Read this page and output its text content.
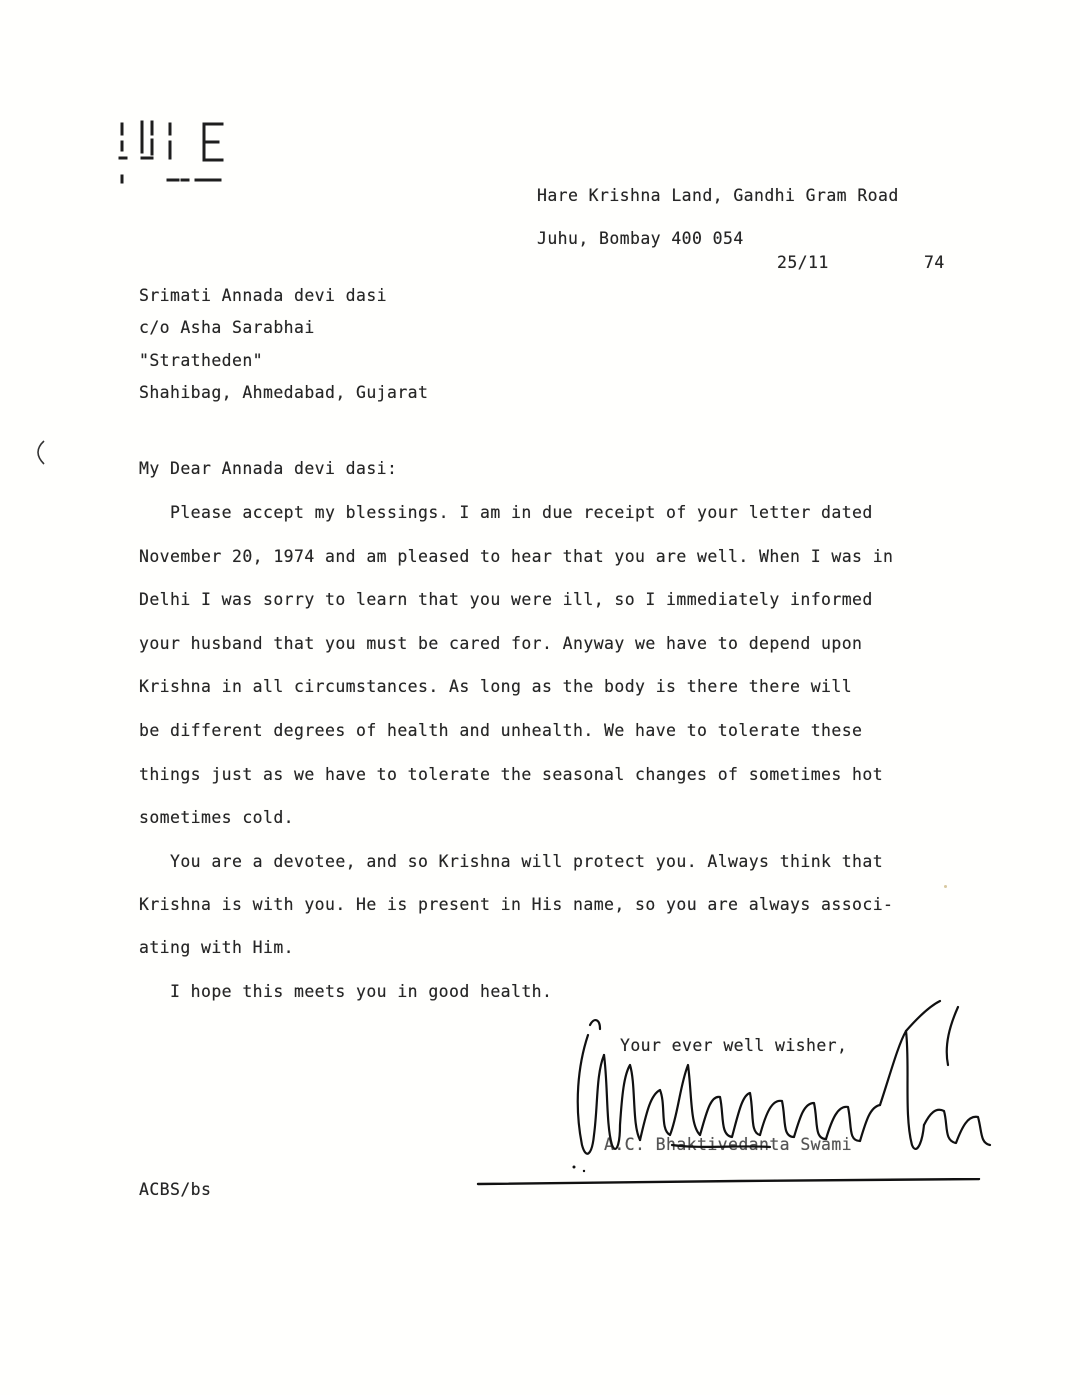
Hare Krishna Land, Gandhi Gram Road
Juhu, Bombay 400 054
25/11	74
Srimati Annada devi dasi
c/o Asha Sarabhai
"Stratheden"
Shahibag, Ahmedabad, Gujarat
My Dear Annada devi dasi:
Please accept my blessings. I am in due receipt of your letter dated
November 20, 1974 and am pleased to hear that you are well. When I was in
Delhi I was sorry to learn that you were ill, so I immediately informed
your husband that you must be cared for. Anyway we have to depend upon
Krishna in all circumstances. As long as the body is there there will
be different degrees of health and unhealth. We have to tolerate these
things just as we have to tolerate the seasonal changes of sometimes hot
sometimes cold.
You are a devotee, and so Krishna will protect you. Always think that
Krishna is with you. He is present in His name, so you are always associ-
ating with Him.
I hope this meets you in good health.
Your ever well wisher,
A.C. Bhaktivedanta Swami
ACBS/bs
